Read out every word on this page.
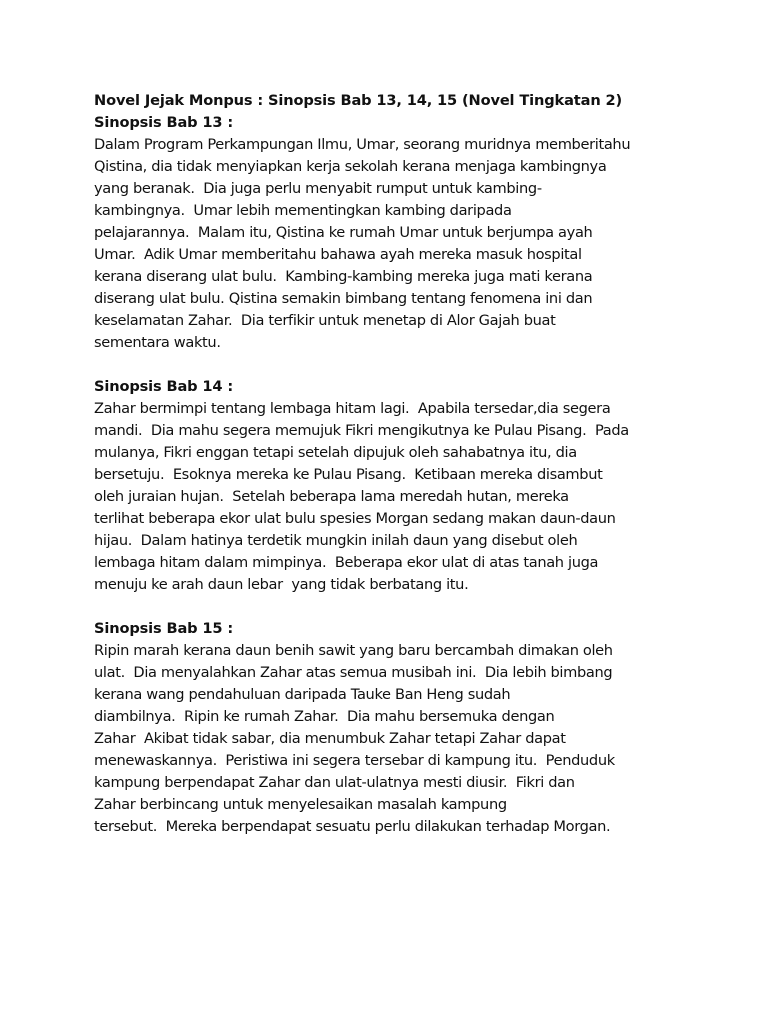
Novel Jejak Monpus : Sinopsis Bab 13, 14, 15 (Novel Tingkatan 2)
Sinopsis Bab 13 :
Dalam Program Perkampungan Ilmu, Umar, seorang muridnya memberitahu
Qistina, dia tidak menyiapkan kerja sekolah kerana menjaga kambingnya
yang beranak.  Dia juga perlu menyabit rumput untuk kambing-
kambingnya.  Umar lebih mementingkan kambing daripada
pelajarannya.  Malam itu, Qistina ke rumah Umar untuk berjumpa ayah
Umar.  Adik Umar memberitahu bahawa ayah mereka masuk hospital
kerana diserang ulat bulu.  Kambing-kambing mereka juga mati kerana
diserang ulat bulu. Qistina semakin bimbang tentang fenomena ini dan
keselamatan Zahar.  Dia terfikir untuk menetap di Alor Gajah buat
sementara waktu.
Sinopsis Bab 14 :
Zahar bermimpi tentang lembaga hitam lagi.  Apabila tersedar,dia segera
mandi.  Dia mahu segera memujuk Fikri mengikutnya ke Pulau Pisang.  Pada
mulanya, Fikri enggan tetapi setelah dipujuk oleh sahabatnya itu, dia
bersetuju.  Esoknya mereka ke Pulau Pisang.  Ketibaan mereka disambut
oleh juraian hujan.  Setelah beberapa lama meredah hutan, mereka
terlihat beberapa ekor ulat bulu spesies Morgan sedang makan daun-daun
hijau.  Dalam hatinya terdetik mungkin inilah daun yang disebut oleh
lembaga hitam dalam mimpinya.  Beberapa ekor ulat di atas tanah juga
menuju ke arah daun lebar  yang tidak berbatang itu.
Sinopsis Bab 15 :
Ripin marah kerana daun benih sawit yang baru bercambah dimakan oleh
ulat.  Dia menyalahkan Zahar atas semua musibah ini.  Dia lebih bimbang
kerana wang pendahuluan daripada Tauke Ban Heng sudah
diambilnya.  Ripin ke rumah Zahar.  Dia mahu bersemuka dengan
Zahar  Akibat tidak sabar, dia menumbuk Zahar tetapi Zahar dapat
menewaskannya.  Peristiwa ini segera tersebar di kampung itu.  Penduduk
kampung berpendapat Zahar dan ulat-ulatnya mesti diusir.  Fikri dan
Zahar berbincang untuk menyelesaikan masalah kampung
tersebut.  Mereka berpendapat sesuatu perlu dilakukan terhadap Morgan.
